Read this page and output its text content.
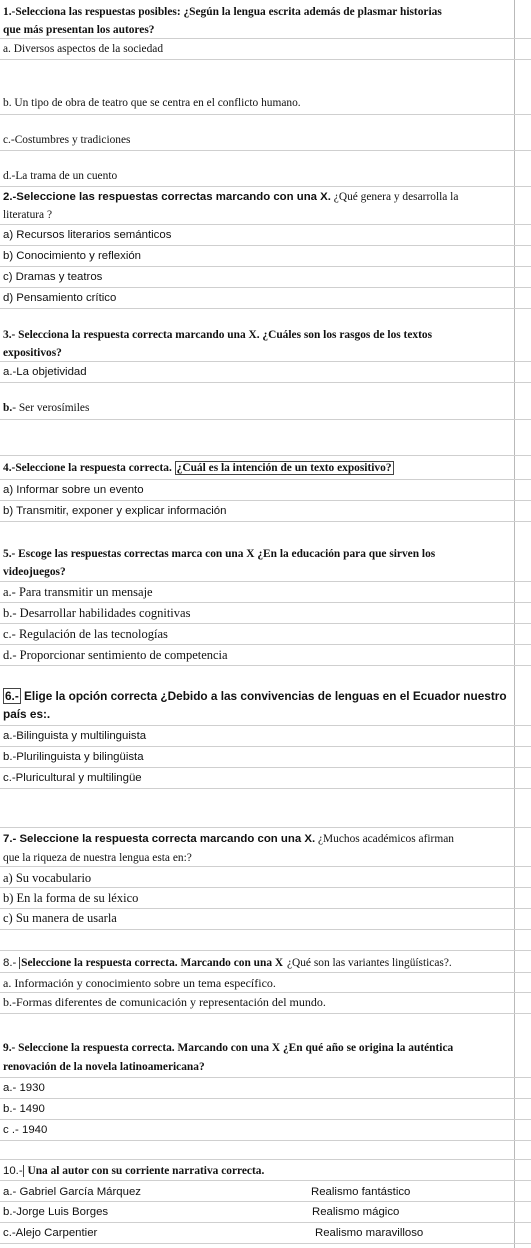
1.-Selecciona las respuestas posibles: ¿Según la lengua escrita además de plasmar historias
que más presentan los autores?
a. Diversos aspectos de la sociedad
b. Un tipo de obra de teatro que se centra en el conflicto humano.
c.-Costumbres y tradiciones
d.-La trama de un cuento
2.-Seleccione las respuestas correctas marcando con una X. ¿Qué genera y desarrolla la
literatura ?
a) Recursos literarios semánticos
b) Conocimiento y reflexión
c) Dramas y teatros
d) Pensamiento crítico
3.- Selecciona la respuesta correcta marcando una X. ¿Cuáles son los rasgos de los textos
expositivos?
a.-La objetividad
b.- Ser verosímiles
4.-Seleccione la respuesta correcta. ¿Cuál es la intención de un texto expositivo?
a) Informar sobre un evento
b) Transmitir, exponer y explicar información
5.- Escoge las respuestas correctas marca con una X ¿En la educación para que sirven los
videojuegos?
a.- Para transmitir un mensaje
b.- Desarrollar habilidades cognitivas
c.- Regulación de las tecnologías
d.- Proporcionar sentimiento de competencia
6.- Elige la opción correcta ¿Debido a las convivencias de lenguas en el Ecuador nuestro
país es:.
a.-Bilinguista y multilinguista
b.-Plurilinguista y bilingüista
c.-Pluricultural y multilingüe
7.- Seleccione la respuesta correcta marcando con una X. ¿Muchos académicos afirman
que la riqueza de nuestra lengua esta en:?
a) Su vocabulario
b) En la forma de su léxico
c) Su manera de usarla
8.- Seleccione la respuesta correcta. Marcando con una X ¿Qué son las variantes lingüísticas?.
a. Información y conocimiento sobre un tema específico.
b.-Formas diferentes de comunicación y representación del mundo.
9.- Seleccione la respuesta correcta. Marcando con una X ¿En qué año se origina la auténtica
renovación de la novela latinoamericana?
a.- 1930
b.- 1490
c .- 1940
10.- Una al autor con su corriente narrativa correcta.
a.- Gabriel García Márquez	Realismo fantástico
b.-Jorge Luis Borges	Realismo mágico
c.-Alejo Carpentier	Realismo maravilloso
